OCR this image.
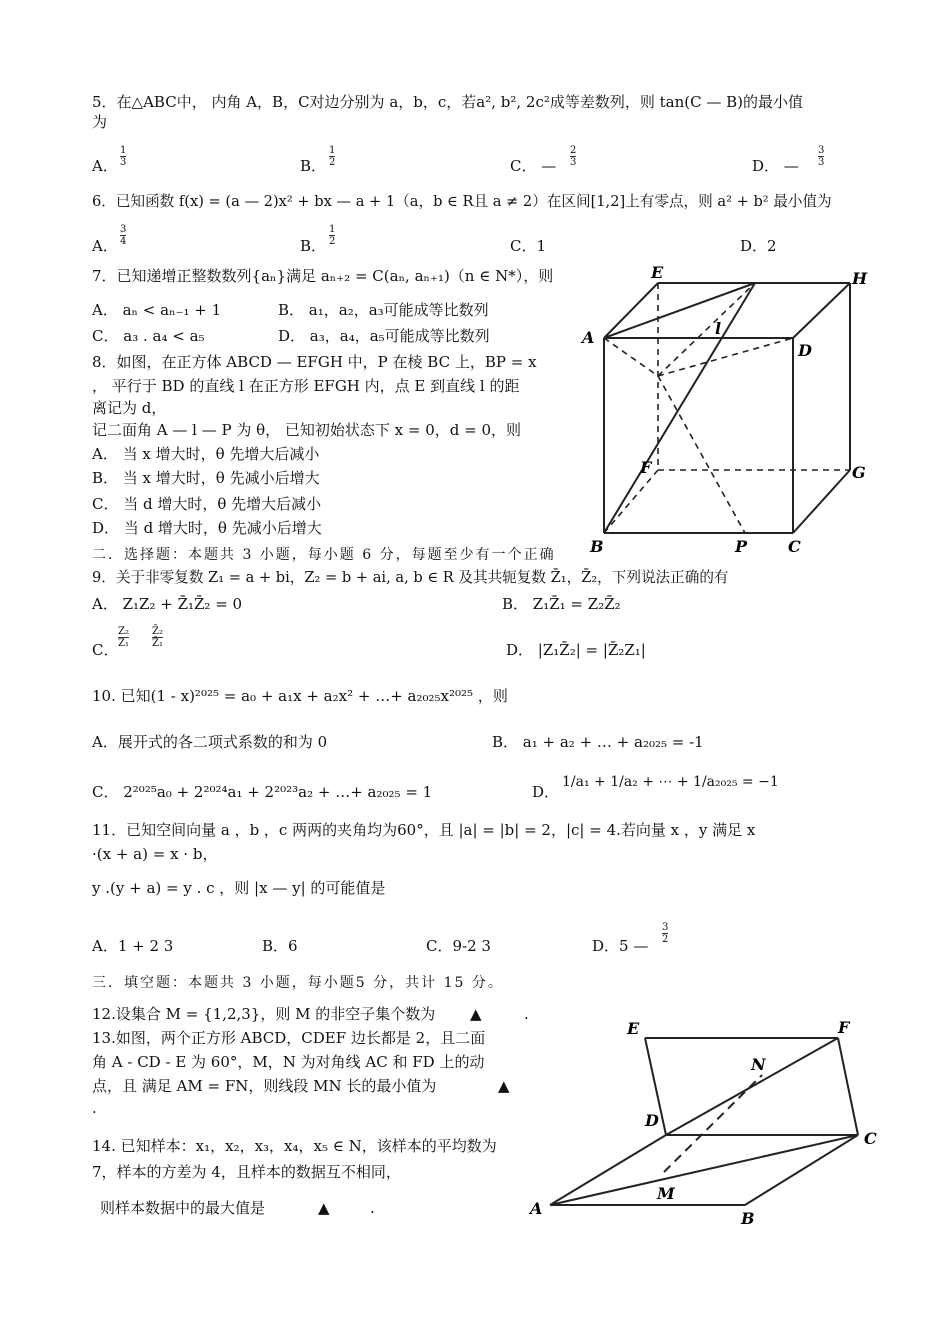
5．在△ABC中， 内角 A，B，C对边分别为 a，b，c，若a², b², 2c²成等差数列，则 tan(C — B)的最小值
为
A． $\frac{1}{3}$	B． $\frac{1}{2}$	C． — $\frac{2}{3}$	D． — $\frac{3}{3}$
6．已知函数 f(x) = (a — 2)x² + bx — a + 1（a，b ∈ R且 a ≠ 2）在区间[1,2]上有零点，则 a² + b² 最小值为
A． $\frac{3}{4}$	B． $\frac{1}{2}$	C．1	D．2
7．已知递增正整数数列{aₙ}满足 aₙ₊₂ = C(aₙ, aₙ₊₁)（n ∈ N*），则
A． aₙ < aₙ₋₁ + 1	B． a₁，a₂，a₃可能成等比数列
C． a₃ . a₄ < a₅	D． a₃，a₄，a₅可能成等比数列
8．如图，在正方体 ABCD — EFGH 中，P 在棱 BC 上，BP = x
， 平行于 BD 的直线 l 在正方形 EFGH 内，点 E 到直线 l 的距
离记为 d，
记二面角 A — l — P 为 θ， 已知初始状态下 x = 0，d = 0，则
A． 当 x 增大时，θ 先增大后减小
B． 当 x 增大时，θ 先减小后增大
C． 当 d 增大时，θ 先增大后减小
D． 当 d 增大时，θ 先减小后增大
E	H
A
D
l
F	G
B	P	C
二．选择题：本题共 3 小题，每小题 6 分，每题至少有一个正确
9．关于非零复数 Z₁ = a + bi，Z₂ = b + ai, a, b ∈ R 及其共轭复数 Z̄₁，Z̄₂，下列说法正确的有
A． Z₁Z₂ + Z̄₁Z̄₂ = 0	B． Z₁Z̄₁ = Z₂Z̄₂
C．
$\frac{\text{Z₂}}{\text{Z₁}} \frac{\text{Z̄₂}}{\text{Z̄₁}}$
D． |Z₁Z̄₂| = |Z̄₂Z₁|
10. 已知(1 - x)²⁰²⁵ = a₀ + a₁x + a₂x² + …+ a₂₀₂₅x²⁰²⁵ ，则
A．展开式的各二项式系数的和为 0	B． a₁ + a₂ + … + a₂₀₂₅ = -1
C． 2²⁰²⁵a₀ + 2²⁰²⁴a₁ + 2²⁰²³a₂ + …+ a₂₀₂₅ = 1	D．
1/a₁ + 1/a₂ + ⋯ + 1/a₂₀₂₅ = −1
11．已知空间向量 a ，b ，c 两两的夹角均为60°，且 |a| = |b| = 2，|c| = 4.若向量 x ，y 满足 x
·(x + a) = x · b，
y .(y + a) = y . c ，则 |x — y| 的可能值是
A．1 + 2 3	B．6	C．9-2 3	D．5 —
$\frac{3}{2}$
三．填空题：本题共 3 小题，每小题5 分，共计 15 分。
12.设集合 M = {1,2,3}，则 M 的非空子集个数为 ▲	.
13.如图，两个正方形 ABCD，CDEF 边长都是 2，且二面
角 A - CD - E 为 60°，M，N 为对角线 AC 和 FD 上的动
点，且 满足 AM = FN，则线段 MN 长的最小值为	▲
.
14. 已知样本：x₁，x₂，x₃，x₄，x₅ ∈ N，该样本的平均数为
7，样本的方差为 4，且样本的数据互不相同，
则样本数据中的最大值是	▲	.
E	F
N
D
C
M
A
B
